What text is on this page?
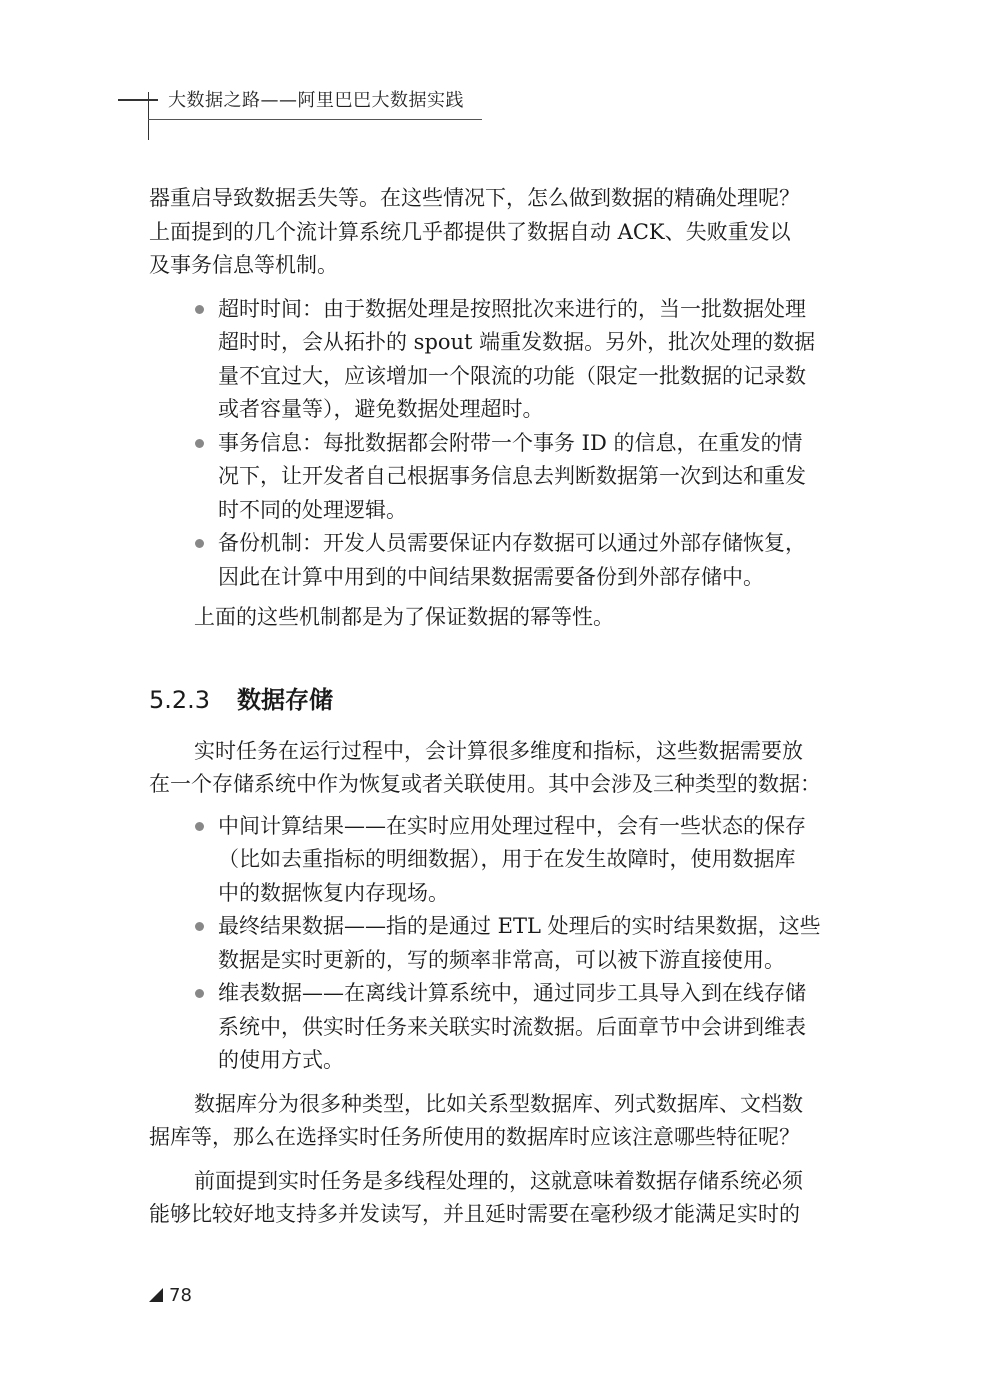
大数据之路——阿里巴巴大数据实践

器重启导致数据丢失等。在这些情况下，怎么做到数据的精确处理呢？
上面提到的几个流计算系统几乎都提供了数据自动 ACK、失败重发以
及事务信息等机制。

超时时间：由于数据处理是按照批次来进行的，当一批数据处理
超时时，会从拓扑的 spout 端重发数据。另外，批次处理的数据
量不宜过大，应该增加一个限流的功能（限定一批数据的记录数
或者容量等），避免数据处理超时。
事务信息：每批数据都会附带一个事务 ID 的信息，在重发的情
况下，让开发者自己根据事务信息去判断数据第一次到达和重发
时不同的处理逻辑。
备份机制：开发人员需要保证内存数据可以通过外部存储恢复，
因此在计算中用到的中间结果数据需要备份到外部存储中。
上面的这些机制都是为了保证数据的幂等性。
5.2.3 数据存储

实时任务在运行过程中，会计算很多维度和指标，这些数据需要放
在一个存储系统中作为恢复或者关联使用。其中会涉及三种类型的数据：

中间计算结果——在实时应用处理过程中，会有一些状态的保存
（比如去重指标的明细数据），用于在发生故障时，使用数据库
中的数据恢复内存现场。
最终结果数据——指的是通过 ETL 处理后的实时结果数据，这些
数据是实时更新的，写的频率非常高，可以被下游直接使用。
维表数据——在离线计算系统中，通过同步工具导入到在线存储
系统中，供实时任务来关联实时流数据。后面章节中会讲到维表
的使用方式。

数据库分为很多种类型，比如关系型数据库、列式数据库、文档数
据库等，那么在选择实时任务所使用的数据库时应该注意哪些特征呢？

前面提到实时任务是多线程处理的，这就意味着数据存储系统必须
能够比较好地支持多并发读写，并且延时需要在毫秒级才能满足实时的

78
